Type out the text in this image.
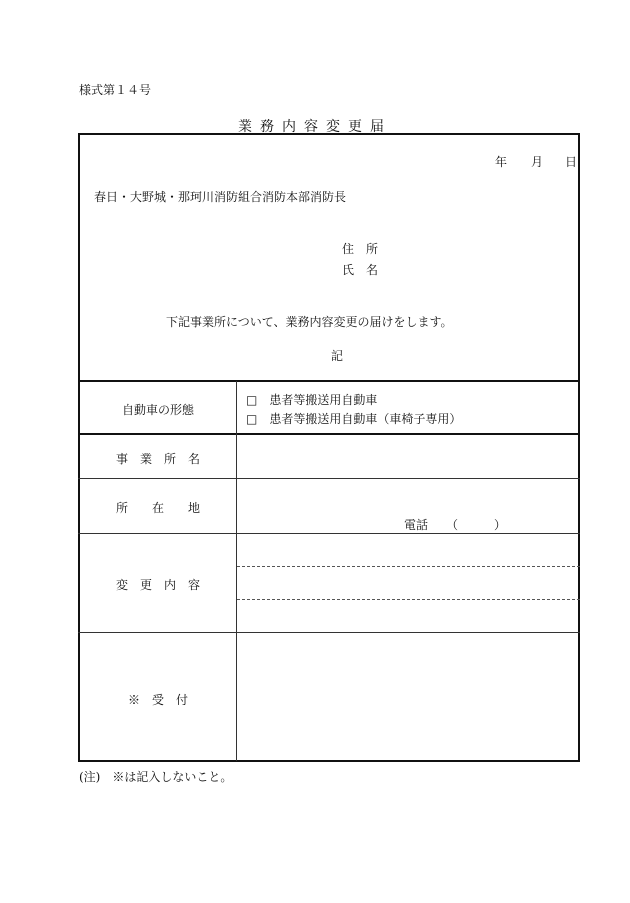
様式第１４号
業務内容変更届
年 月 日
春日・大野城・那珂川消防組合消防本部消防長
住　所
氏　名
下記事業所について、業務内容変更の届けをします。
記
自動車の形態
□　患者等搬送用自動車
□　患者等搬送用自動車（車椅子専用）
事　業　所　名
所　　在　　地
電話　　（　　　）
変　更　内　容
※　受　付
(注)　※は記入しないこと。
